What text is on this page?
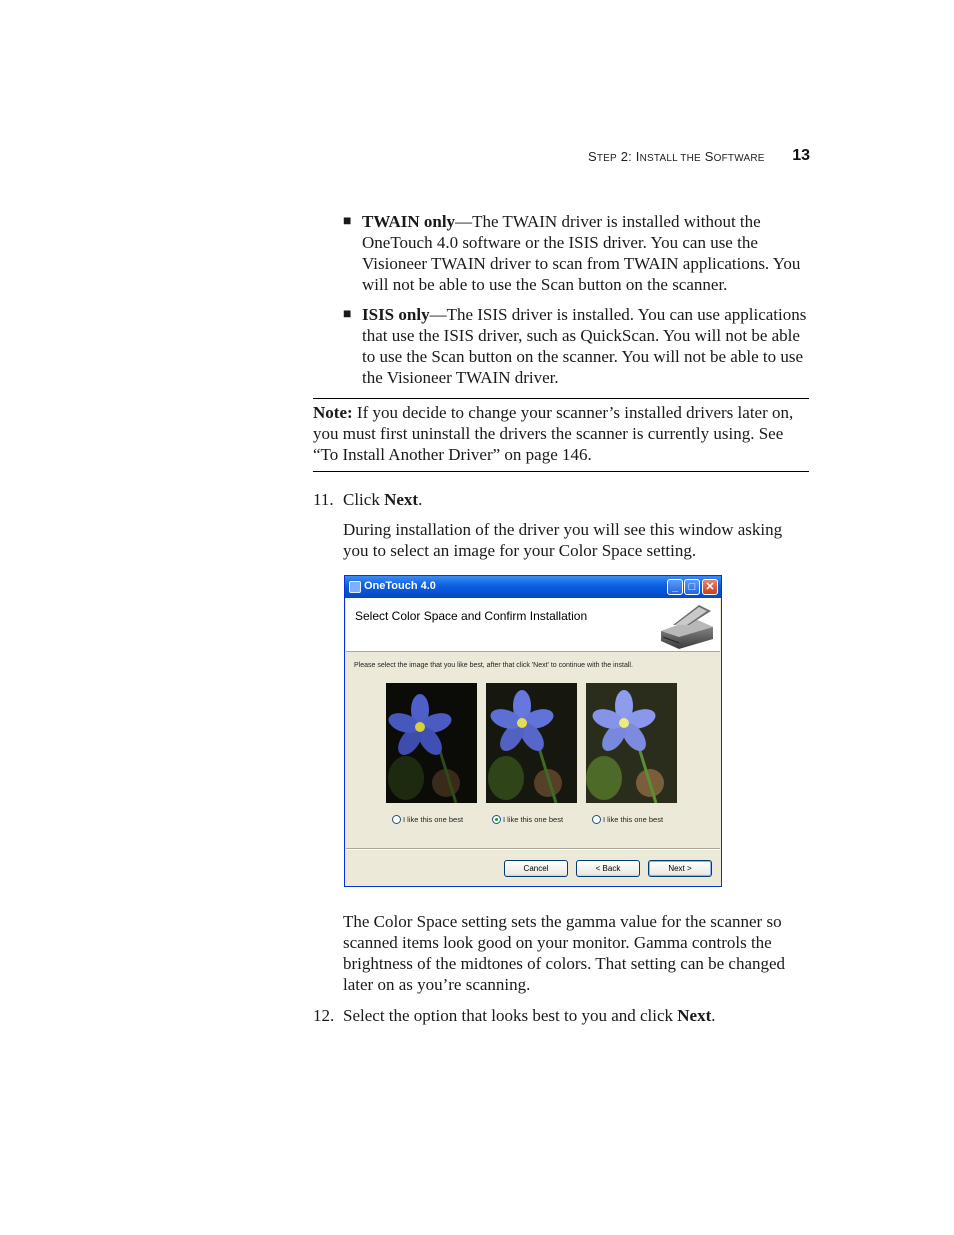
STEP 2: INSTALL THE SOFTWARE 13
■ TWAIN only—The TWAIN driver is installed without the OneTouch 4.0 software or the ISIS driver. You can use the Visioneer TWAIN driver to scan from TWAIN applications. You will not be able to use the Scan button on the scanner.
■ ISIS only—The ISIS driver is installed. You can use applications that use the ISIS driver, such as QuickScan. You will not be able to use the Scan button on the scanner. You will not be able to use the Visioneer TWAIN driver.
Note: If you decide to change your scanner’s installed drivers later on, you must first uninstall the drivers the scanner is currently using. See “To Install Another Driver” on page 146.
11. Click Next.
During installation of the driver you will see this window asking you to select an image for your Color Space setting.
OneTouch 4.0	_ □ ✕
Select Color Space and Confirm Installation
Please select the image that you like best, after that click 'Next' to continue with the install.
I like this one best	I like this one best	I like this one best
Cancel	< Back	Next >
The Color Space setting sets the gamma value for the scanner so scanned items look good on your monitor. Gamma controls the brightness of the midtones of colors. That setting can be changed later on as you’re scanning.
12. Select the option that looks best to you and click Next.
